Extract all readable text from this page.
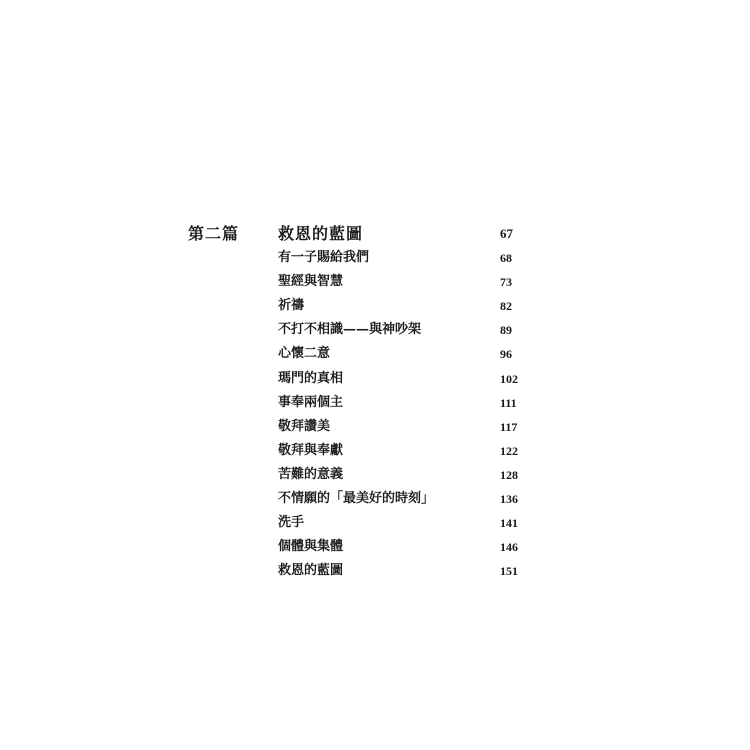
第二篇 救恩的藍圖	67
有一子賜給我們	68
聖經與智慧	73
祈禱	82
不打不相識——與神吵架	89
心懷二意	96
瑪門的真相	102
事奉兩個主	111
敬拜讚美	117
敬拜與奉獻	122
苦難的意義	128
不情願的「最美好的時刻」	136
洗手	141
個體與集體	146
救恩的藍圖	151
